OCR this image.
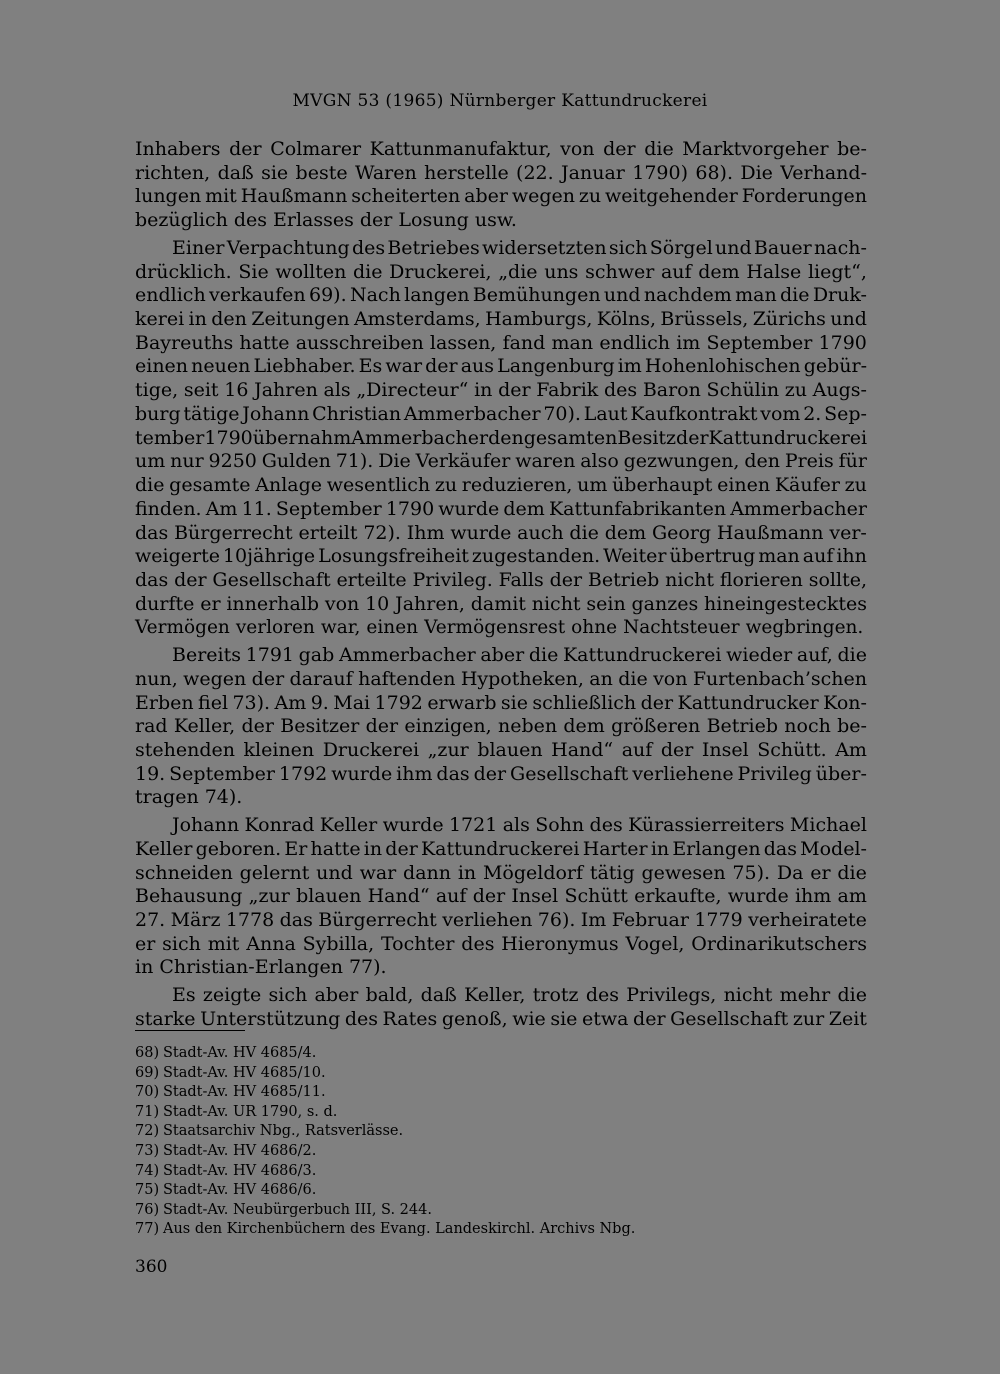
MVGN 53 (1965) Nürnberger Kattundruckerei
Inhabers der Colmarer Kattunmanufaktur, von der die Marktvorgeher be-
richten, daß sie beste Waren herstelle (22. Januar 1790) 68). Die Verhand-
lungen mit Haußmann scheiterten aber wegen zu weitgehender Forderungen
bezüglich des Erlasses der Losung usw.
Einer Verpachtung des Betriebes widersetzten sich Sörgel und Bauer nach-
drücklich. Sie wollten die Druckerei, „die uns schwer auf dem Halse liegt“,
endlich verkaufen 69). Nach langen Bemühungen und nachdem man die Druk-
kerei in den Zeitungen Amsterdams, Hamburgs, Kölns, Brüssels, Zürichs und
Bayreuths hatte ausschreiben lassen, fand man endlich im September 1790
einen neuen Liebhaber. Es war der aus Langenburg im Hohenlohischen gebür-
tige, seit 16 Jahren als „Directeur“ in der Fabrik des Baron Schülin zu Augs-
burg tätige Johann Christian Ammerbacher 70). Laut Kaufkontrakt vom 2. Sep-
tember 1790 übernahm Ammerbacher den gesamten Besitz der Kattundruckerei
um nur 9250 Gulden 71). Die Verkäufer waren also gezwungen, den Preis für
die gesamte Anlage wesentlich zu reduzieren, um überhaupt einen Käufer zu
finden. Am 11. September 1790 wurde dem Kattunfabrikanten Ammerbacher
das Bürgerrecht erteilt 72). Ihm wurde auch die dem Georg Haußmann ver-
weigerte 10jährige Losungsfreiheit zugestanden. Weiter übertrug man auf ihn
das der Gesellschaft erteilte Privileg. Falls der Betrieb nicht florieren sollte,
durfte er innerhalb von 10 Jahren, damit nicht sein ganzes hineingestecktes
Vermögen verloren war, einen Vermögensrest ohne Nachtsteuer wegbringen.
Bereits 1791 gab Ammerbacher aber die Kattundruckerei wieder auf, die
nun, wegen der darauf haftenden Hypotheken, an die von Furtenbach’schen
Erben fiel 73). Am 9. Mai 1792 erwarb sie schließlich der Kattundrucker Kon-
rad Keller, der Besitzer der einzigen, neben dem größeren Betrieb noch be-
stehenden kleinen Druckerei „zur blauen Hand“ auf der Insel Schütt. Am
19. September 1792 wurde ihm das der Gesellschaft verliehene Privileg über-
tragen 74).
Johann Konrad Keller wurde 1721 als Sohn des Kürassierreiters Michael
Keller geboren. Er hatte in der Kattundruckerei Harter in Erlangen das Model-
schneiden gelernt und war dann in Mögeldorf tätig gewesen 75). Da er die
Behausung „zur blauen Hand“ auf der Insel Schütt erkaufte, wurde ihm am
27. März 1778 das Bürgerrecht verliehen 76). Im Februar 1779 verheiratete
er sich mit Anna Sybilla, Tochter des Hieronymus Vogel, Ordinarikutschers
in Christian-Erlangen 77).
Es zeigte sich aber bald, daß Keller, trotz des Privilegs, nicht mehr die
starke Unterstützung des Rates genoß, wie sie etwa der Gesellschaft zur Zeit
68) Stadt-Av. HV 4685/4.
69) Stadt-Av. HV 4685/10.
70) Stadt-Av. HV 4685/11.
71) Stadt-Av. UR 1790, s. d.
72) Staatsarchiv Nbg., Ratsverlässe.
73) Stadt-Av. HV 4686/2.
74) Stadt-Av. HV 4686/3.
75) Stadt-Av. HV 4686/6.
76) Stadt-Av. Neubürgerbuch III, S. 244.
77) Aus den Kirchenbüchern des Evang. Landeskirchl. Archivs Nbg.
360
